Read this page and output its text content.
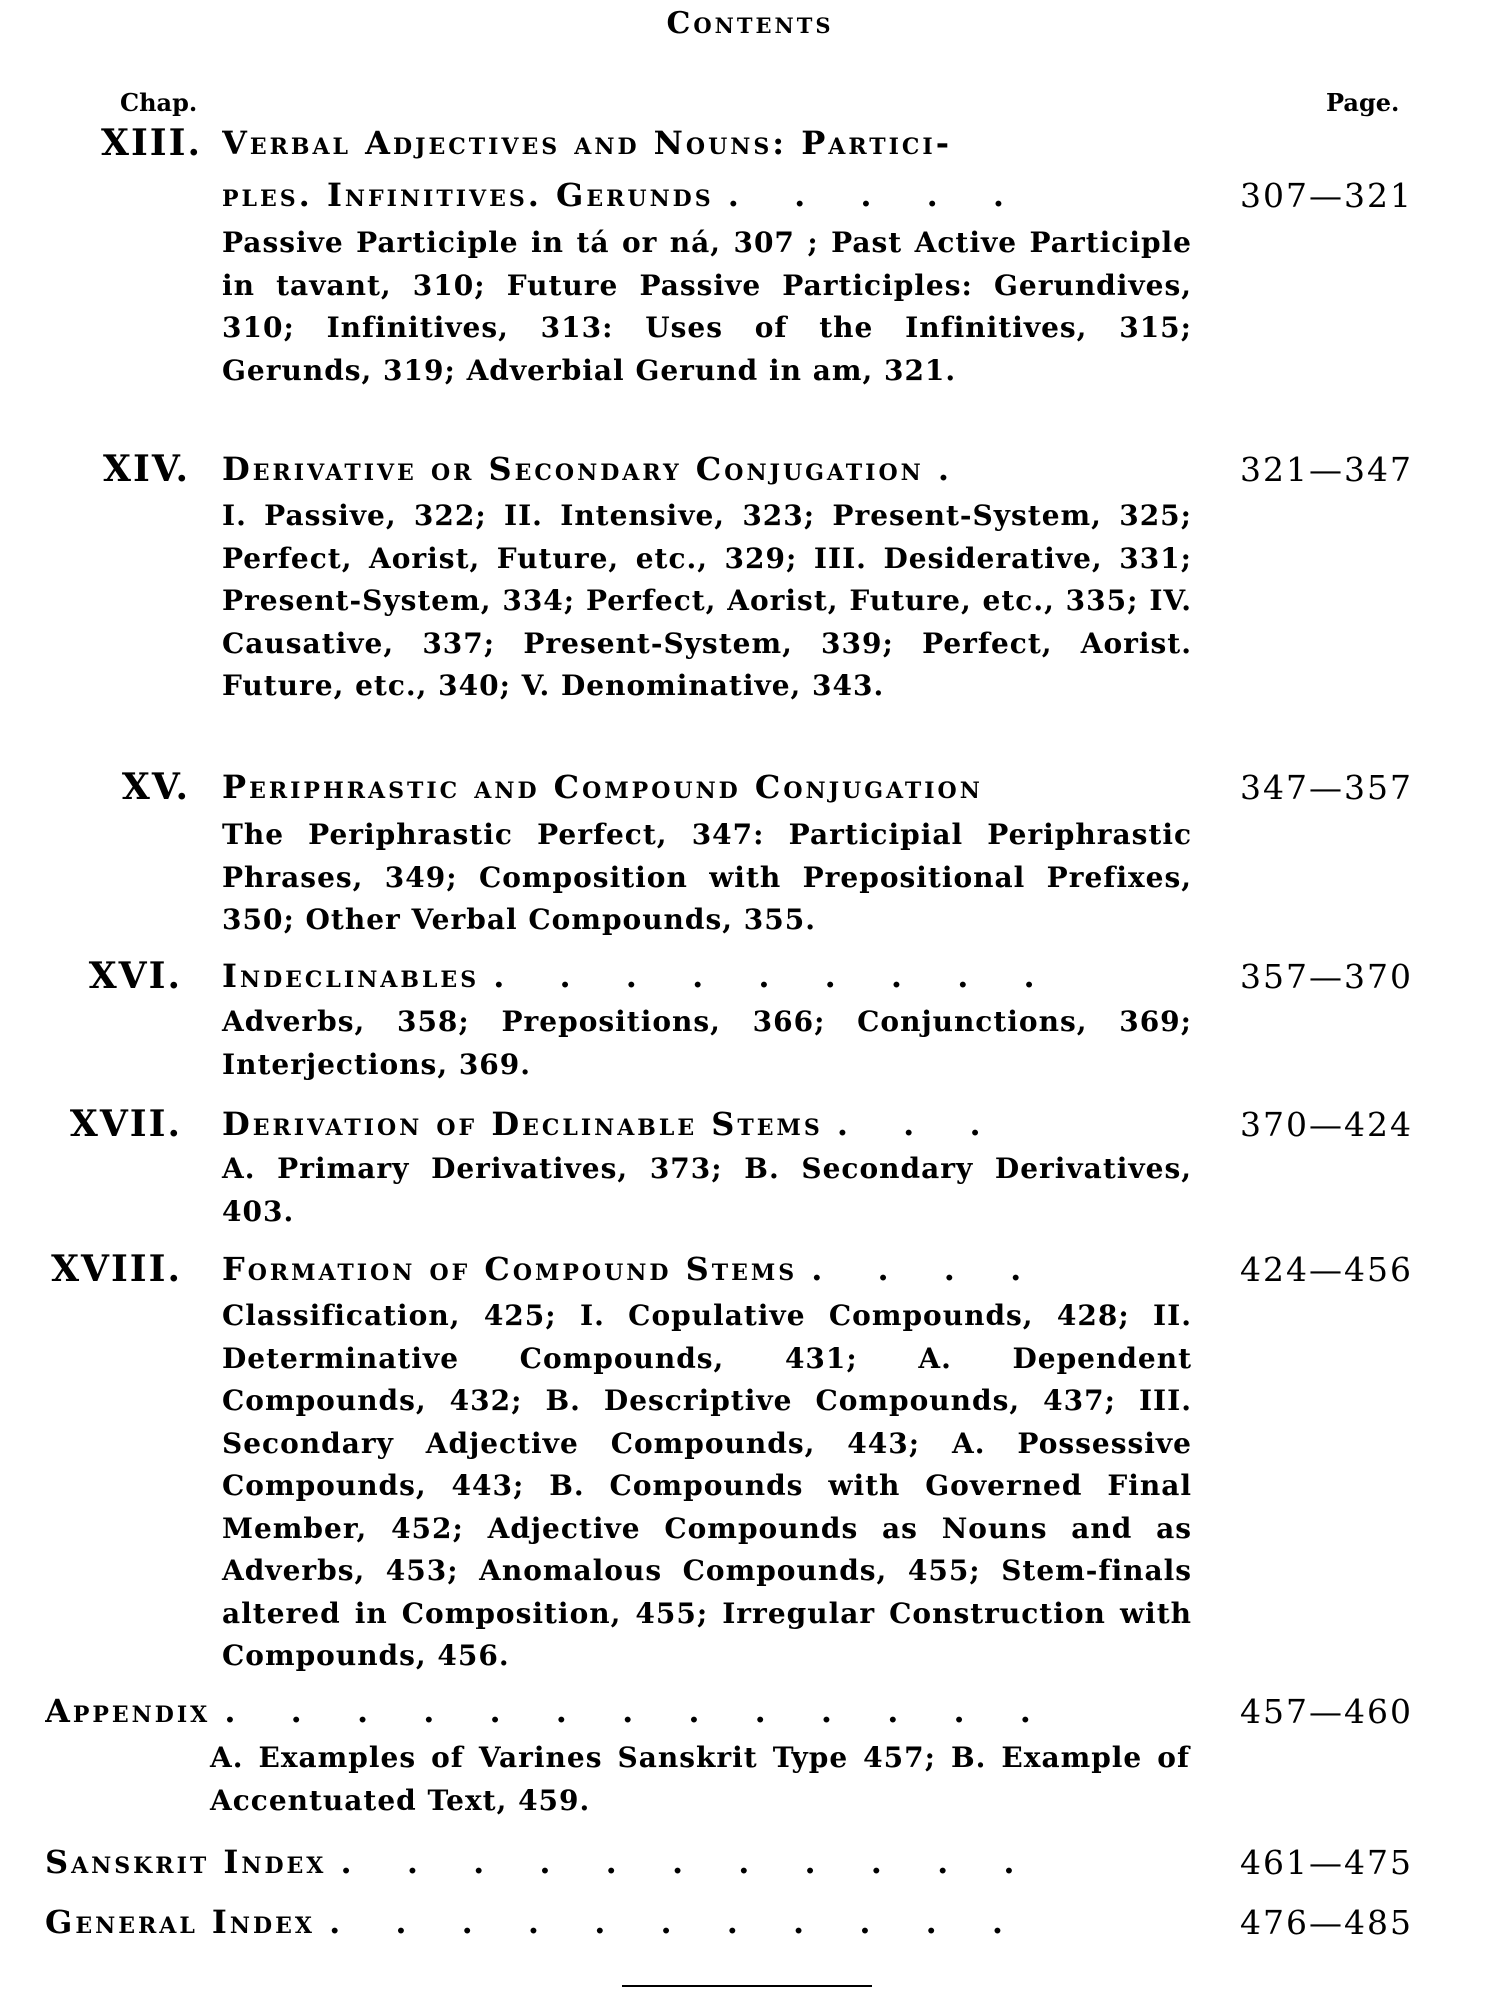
Contents
Chap.	Page.
XIII. Verbal Adjectives and Nouns: Partici-
ples. Infinitives. Gerunds . . . . .	307—321
Passive Participle in tá or ná, 307 ; Past Active Participle in tavant, 310; Future Passive Participles: Gerundives, 310; Infinitives, 313: Uses of the Infinitives, 315; Gerunds, 319; Adverbial Gerund in am, 321.
XIV. Derivative or Secondary Conjugation .	321—347
I. Passive, 322; II. Intensive, 323; Present-System, 325; Perfect, Aorist, Future, etc., 329; III. Desiderative, 331; Present-System, 334; Perfect, Aorist, Future, etc., 335; IV. Causative, 337; Present-System, 339; Perfect, Aorist. Future, etc., 340; V. Denominative, 343.
XV. Periphrastic and Compound Conjugation	347—357
The Periphrastic Perfect, 347: Participial Periphrastic Phrases, 349; Composition with Prepositional Prefixes, 350; Other Verbal Compounds, 355.
XVI. Indeclinables . . . . . . . . .	357—370
Adverbs, 358; Prepositions, 366; Conjunctions, 369; Interjections, 369.
XVII. Derivation of Declinable Stems . . .	370—424
A. Primary Derivatives, 373; B. Secondary Derivatives, 403.
XVIII. Formation of Compound Stems . . . .	424—456
Classification, 425; I. Copulative Compounds, 428; II. Determinative Compounds, 431; A. Dependent Compounds, 432; B. Descriptive Compounds, 437; III. Secondary Adjective Compounds, 443; A. Possessive Compounds, 443; B. Compounds with Governed Final Member, 452; Adjective Compounds as Nouns and as Adverbs, 453; Anomalous Compounds, 455; Stem-finals altered in Composition, 455; Irregular Construction with Compounds, 456.
Appendix . . . . . . . . . . . . .	457—460
A. Examples of Varines Sanskrit Type 457; B. Example of Accentuated Text, 459.
Sanskrit Index . . . . . . . . . . .	461—475
General Index . . . . . . . . . . .	476—485
